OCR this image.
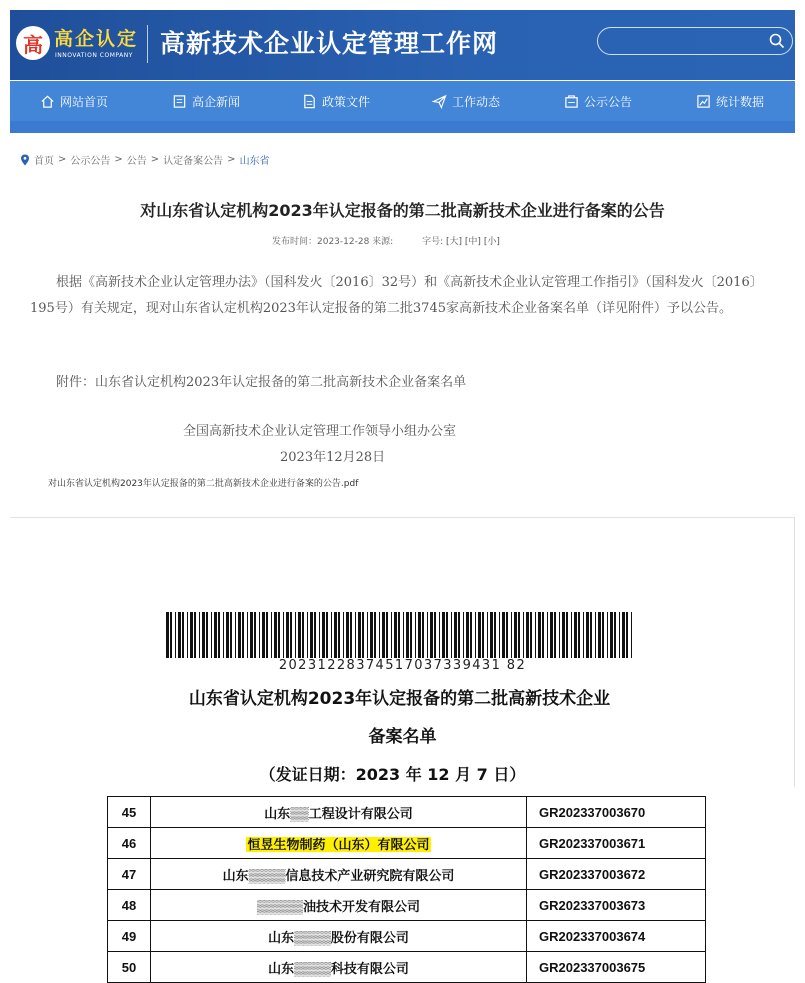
高 高企认定
INNOVATION COMPANY 高新技术企业认定管理工作网
网站首页	高企新闻	政策文件	工作动态	公示公告	统计数据
首页 > 公示公告 > 公告 > 认定备案公告 > 山东省
对山东省认定机构2023年认定报备的第二批高新技术企业进行备案的公告
发布时间：2023-12-28 来源:	字号: [大] [中] [小]
根据《高新技术企业认定管理办法》（国科发火〔2016〕32号）和《高新技术企业认定管理工作指引》（国科发火〔2016〕195号）有关规定，现对山东省认定机构2023年认定报备的第二批3745家高新技术企业备案名单（详见附件）予以公告。
附件：山东省认定机构2023年认定报备的第二批高新技术企业备案名单
全国高新技术企业认定管理工作领导小组办公室
2023年12月28日
对山东省认定机构2023年认定报备的第二批高新技术企业进行备案的公告.pdf
20231228374517037339431 82
山东省认定机构2023年认定报备的第二批高新技术企业
备案名单
（发证日期：2023 年 12 月 7 日）
45	山东▒▒工程设计有限公司	GR202337003670
46	恒昱生物制药（山东）有限公司	GR202337003671
47	山东▒▒▒▒信息技术产业研究院有限公司	GR202337003672
48	▒▒▒▒▒油技术开发有限公司	GR202337003673
49	山东▒▒▒▒股份有限公司	GR202337003674
50	山东▒▒▒▒科技有限公司	GR202337003675
